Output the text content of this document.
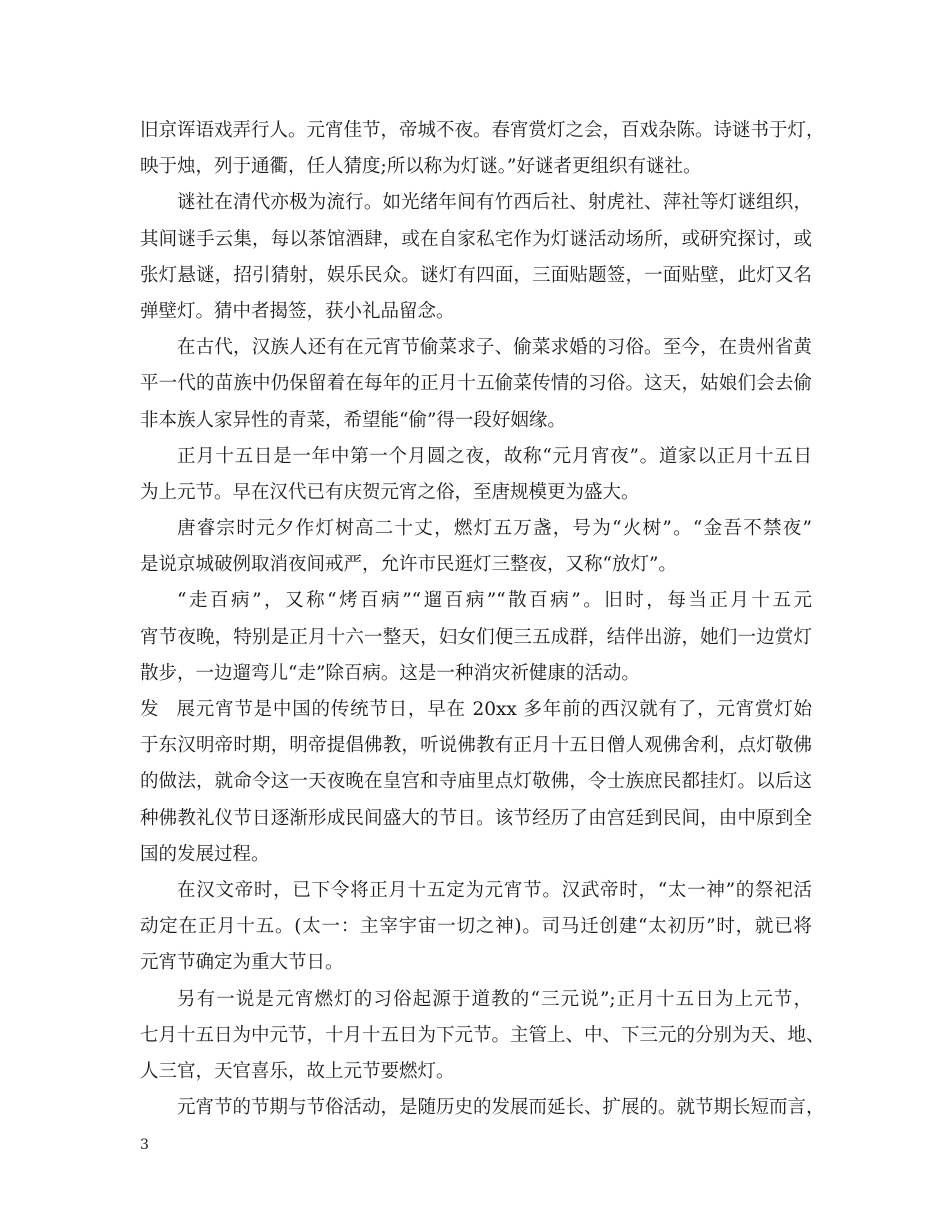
旧京诨语戏弄行人。元宵佳节，帝城不夜。春宵赏灯之会，百戏杂陈。诗谜书于灯，
映于烛，列于通衢，任人猜度;所以称为灯谜。”好谜者更组织有谜社。
谜社在清代亦极为流行。如光绪年间有竹西后社、射虎社、萍社等灯谜组织，
其间谜手云集，每以茶馆酒肆，或在自家私宅作为灯谜活动场所，或研究探讨，或
张灯悬谜，招引猜射，娱乐民众。谜灯有四面，三面贴题签，一面贴壁，此灯又名
弹壁灯。猜中者揭签，获小礼品留念。
在古代，汉族人还有在元宵节偷菜求子、偷菜求婚的习俗。至今，在贵州省黄
平一代的苗族中仍保留着在每年的正月十五偷菜传情的习俗。这天，姑娘们会去偷
非本族人家异性的青菜，希望能“偷”得一段好姻缘。
正月十五日是一年中第一个月圆之夜，故称“元月宵夜”。道家以正月十五日
为上元节。早在汉代已有庆贺元宵之俗，至唐规模更为盛大。
唐睿宗时元夕作灯树高二十丈，燃灯五万盏，号为“火树”。“金吾不禁夜”
是说京城破例取消夜间戒严，允许市民逛灯三整夜，又称“放灯”。
“走百病”，又称“烤百病”“遛百病”“散百病”。旧时，每当正月十五元
宵节夜晚，特别是正月十六一整天，妇女们便三五成群，结伴出游，她们一边赏灯
散步，一边遛弯儿“走”除百病。这是一种消灾祈健康的活动。
发展元宵节是中国的传统节日，早在 20xx 多年前的西汉就有了，元宵赏灯始
于东汉明帝时期，明帝提倡佛教，听说佛教有正月十五日僧人观佛舍利，点灯敬佛
的做法，就命令这一天夜晚在皇宫和寺庙里点灯敬佛，令士族庶民都挂灯。以后这
种佛教礼仪节日逐渐形成民间盛大的节日。该节经历了由宫廷到民间，由中原到全
国的发展过程。
在汉文帝时，已下令将正月十五定为元宵节。汉武帝时，“太一神”的祭祀活
动定在正月十五。(太一：主宰宇宙一切之神)。司马迁创建“太初历”时，就已将
元宵节确定为重大节日。
另有一说是元宵燃灯的习俗起源于道教的“三元说”;正月十五日为上元节，
七月十五日为中元节，十月十五日为下元节。主管上、中、下三元的分别为天、地、
人三官，天官喜乐，故上元节要燃灯。
元宵节的节期与节俗活动，是随历史的发展而延长、扩展的。就节期长短而言，
3
